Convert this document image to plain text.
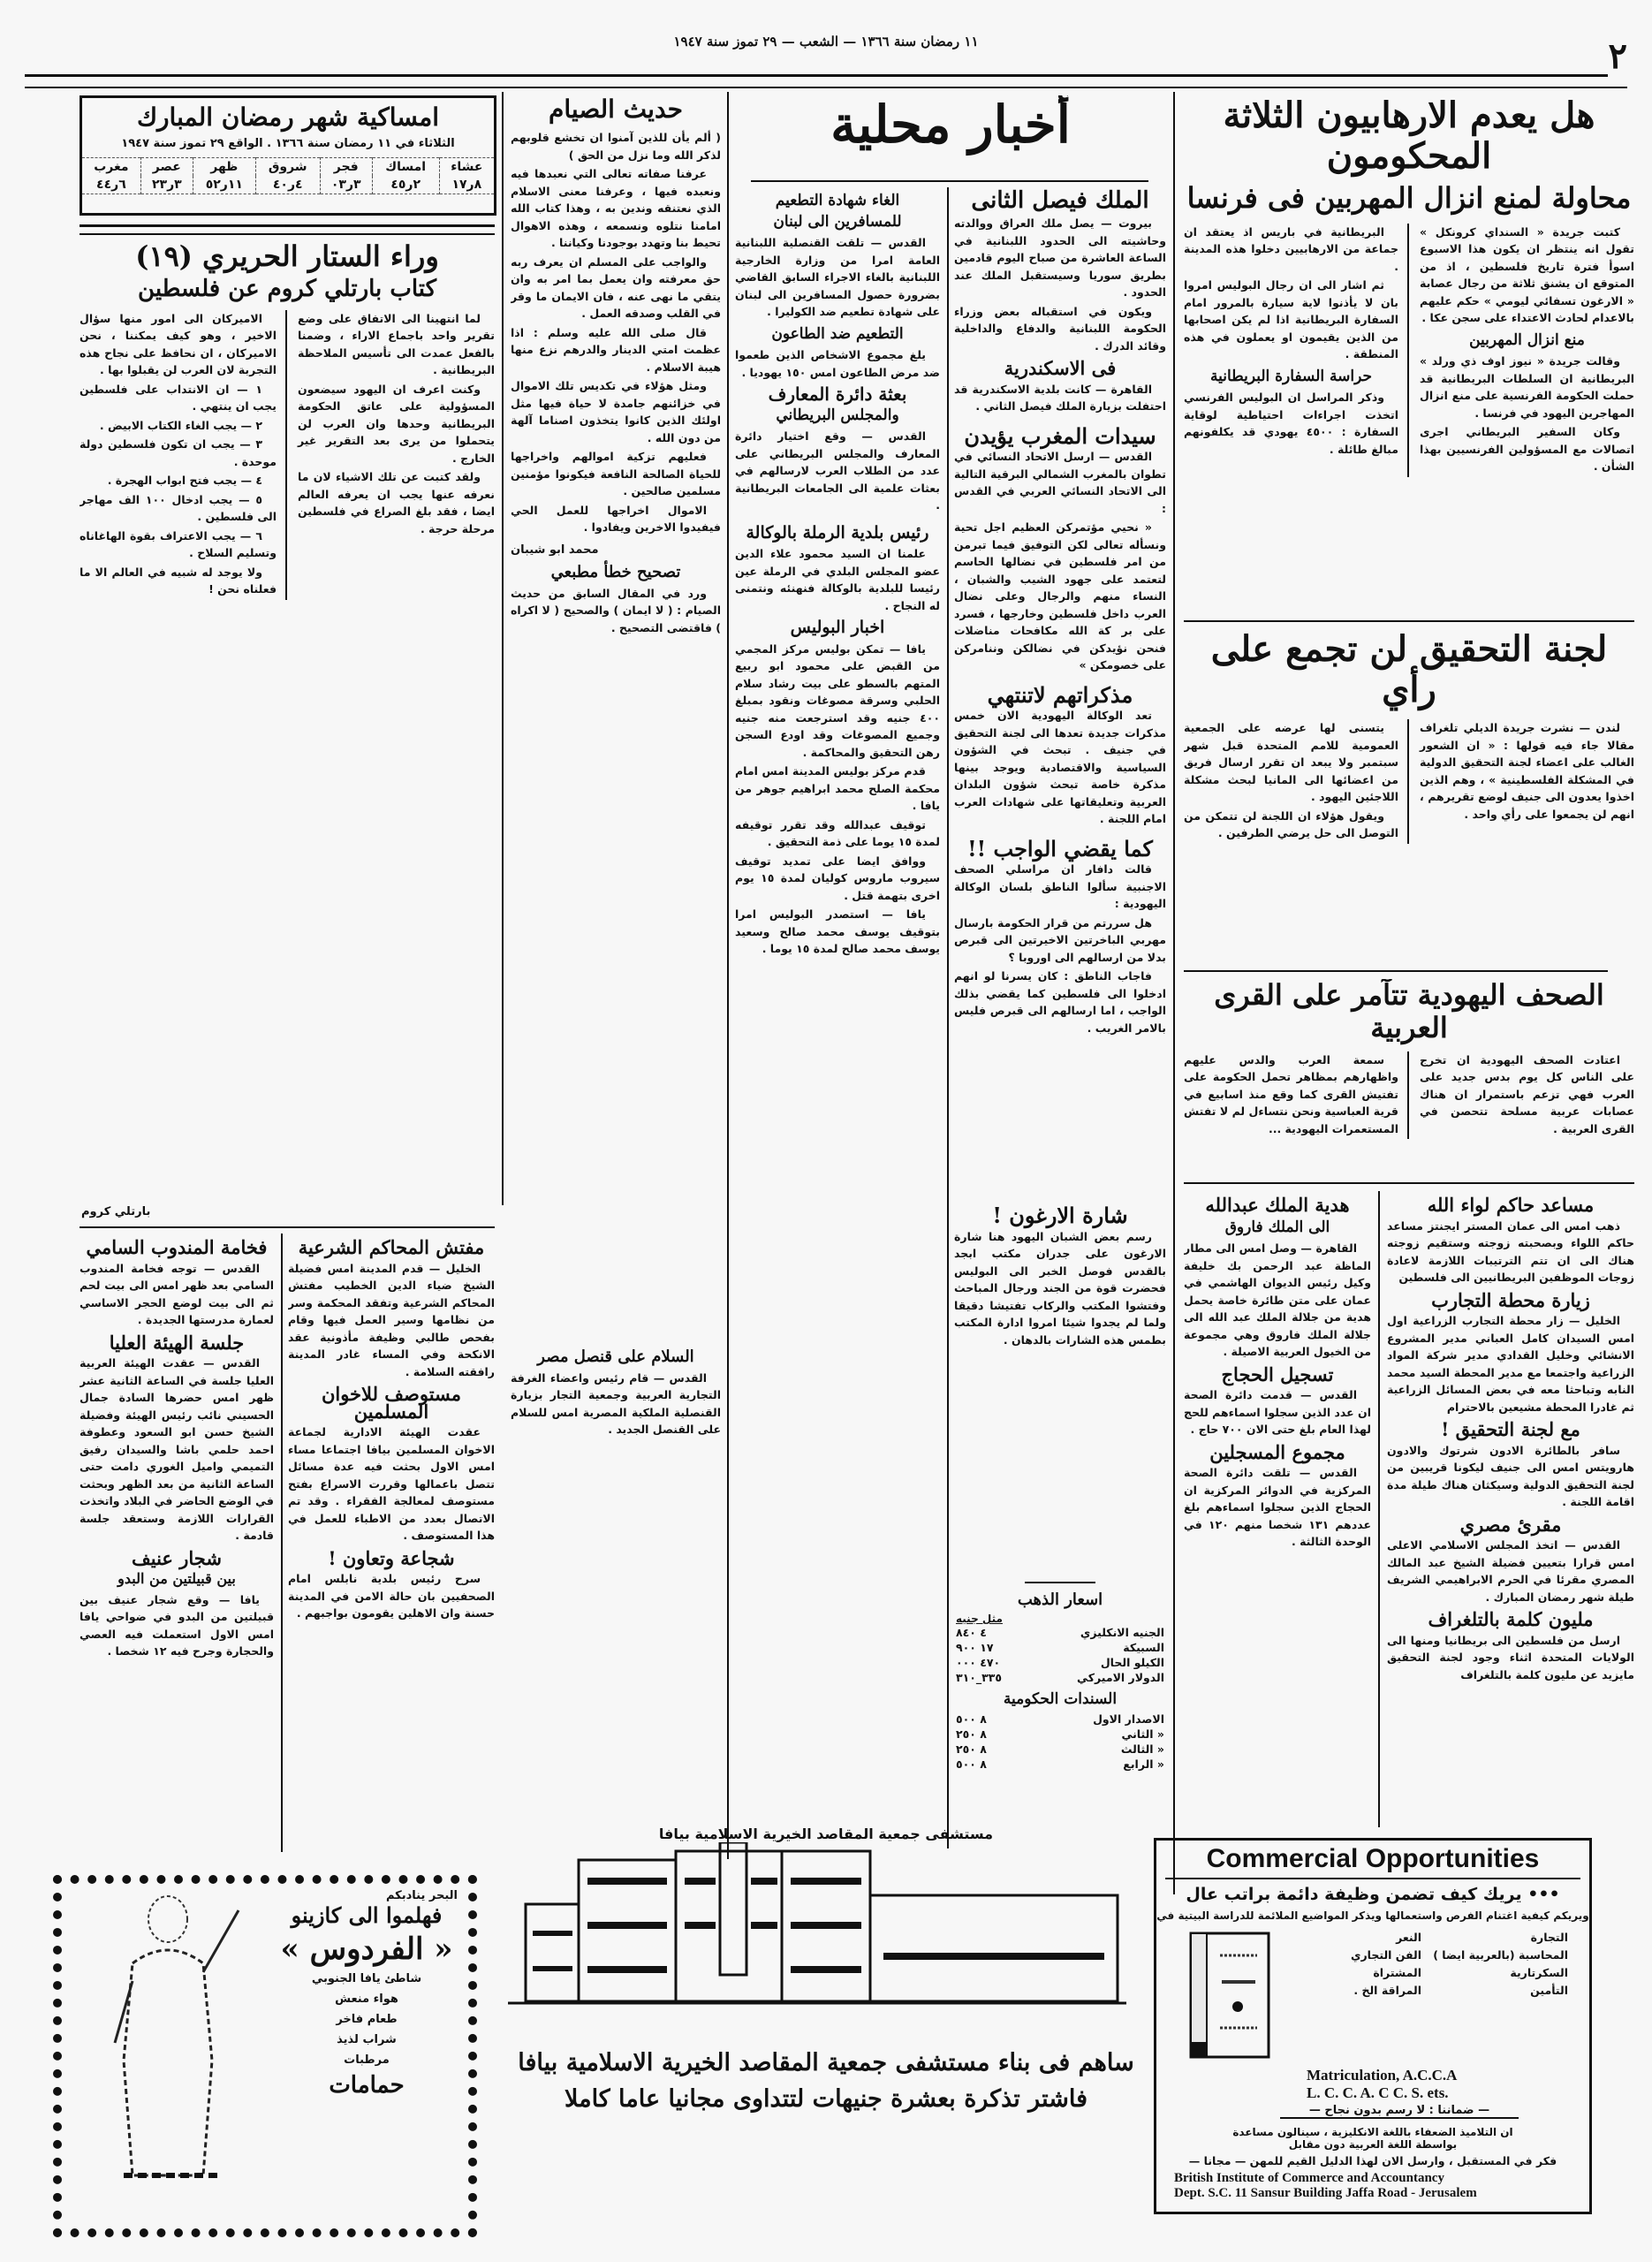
١١ رمضان سنة ١٣٦٦ — الشعب — ٢٩ تموز سنة ١٩٤٧	٢
هل يعدم الارهابيون الثلاثة المحكومون
محاولة لمنع انزال المهربين فى فرنسا

كتبت جريدة « السنداي كرونكل » تقول انه ينتظر ان يكون هذا الاسبوع اسوأ فترة تاريخ فلسطين ، اذ من المتوقع ان يشنق ثلاثة من رجال عصابة « الارغون تسفائي ليومي » حكم عليهم بالاعدام لحادث الاعتداء على سجن عكا .

منع انزال المهربين

وقالت جريدة « نيوز اوف ذي ورلد » البريطانية ان السلطات البريطانية قد حملت الحكومة الفرنسية على منع انزال المهاجرين اليهود في فرنسا .

وكان السفير البريطاني اجرى اتصالات مع المسؤولين الفرنسيين بهذا الشأن .

البريطانية في باريس اذ يعتقد ان جماعة من الارهابيين دخلوا هذه المدينة .

ثم اشار الى ان رجال البوليس امروا بان لا يأذنوا لاية سيارة بالمرور امام السفارة البريطانية اذا لم يكن اصحابها من الذين يقيمون او يعملون في هذه المنطقة .

حراسة السفارة البريطانية

وذكر المراسل ان البوليس الفرنسي اتخذت اجراءات احتياطية لوقاية السفارة : ٤٥٠٠ يهودي قد يكلفونهم مبالغ طائلة .

لجنة التحقيق لن تجمع على رأي

لندن — نشرت جريدة الديلي تلغراف مقالا جاء فيه قولها : « ان الشعور الغالب على اعضاء لجنة التحقيق الدولية في المشكلة الفلسطينية » ، وهم الذين اخذوا يعدون الى جنيف لوضع تقريرهم ، انهم لن يجمعوا على رأي واحد .

يتسنى لها عرضه على الجمعية العمومية للامم المتحدة قبل شهر سبتمبر ولا يبعد ان تقرر ارسال فريق من اعضائها الى المانيا لبحث مشكلة اللاجئين اليهود .

ويقول هؤلاء ان اللجنة لن تتمكن من التوصل الى حل يرضي الطرفين .

الصحف اليهودية تتآمر على القرى العربية

اعتادت الصحف اليهودية ان تخرج على الناس كل يوم بدس جديد على العرب فهي تزعم باستمرار ان هناك عصابات عربية مسلحة تتحصن في القرى العربية .

سمعة العرب والدس عليهم واظهارهم بمظاهر تحمل الحكومة على تفتيش القرى كما وقع منذ اسابيع في قرية العباسية ونحن نتساءل لم لا تفتش المستعمرات اليهودية ...

مساعد حاكم لواء الله

ذهب امس الى عمان المستر ايجنتز مساعد حاكم اللواء وبصحبته زوجته وستقيم زوجته هناك الى ان تتم الترتيبات اللازمة لاعادة زوجات الموظفين البريطانيين الى فلسطين

زيارة محطة التجارب

الخليل — زار محطة التجارب الزراعية اول امس السيدان كامل العباني مدير المشروع الانشائي وخليل القدادي مدير شركة المواد الزراعية واجتمعا مع مدير المحطة السيد محمد النابه وتباحثا معه في بعض المسائل الزراعية ثم غادرا المحطة مشيعين بالاحترام

مع لجنة التحقيق !

سافر بالطائرة الادون شرتوك والادون هارويتس امس الى جنيف ليكونا قريبين من لجنة التحقيق الدولية وسيكثان هناك طيلة مدة اقامة اللجنة .

مقرئ مصري

القدس — اتخذ المجلس الاسلامي الاعلى امس قرارا بتعيين فضيلة الشيخ عبد المالك المصري مقرئا في الحرم الابراهيمي الشريف طيلة شهر رمضان المبارك .

مليون كلمة بالتلغراف

ارسل من فلسطين الى بريطانيا ومنها الى الولايات المتحدة اثناء وجود لجنة التحقيق مايزيد عن مليون كلمة بالتلغراف

هدية الملك عبدالله
الى الملك فاروق

القاهرة — وصل امس الى مطار الماظة عبد الرحمن بك خليفة وكيل رئيس الديوان الهاشمي في عمان على متن طائرة خاصة يحمل هدية من جلالة الملك عبد الله الى جلالة الملك فاروق وهي مجموعة من الخيول العربية الاصيلة .

تسجيل الحجاج

القدس — قدمت دائرة الصحة ان عدد الذين سجلوا اسماءهم للحج لهذا العام بلغ حتى الان ٧٠٠ حاج .

مجموع المسجلين

القدس — تلقت دائرة الصحة المركزية في الدوائر المركزية ان الحجاج الذين سجلوا اسماءهم بلغ عددهم ١٣١ شخصا منهم ١٢٠ في الوحدة الثالثة .

Commercial Opportunities
••• يريك كيف تضمن وظيفة دائمة براتب عال
ويريكم كيفية اغتنام الفرص واستعمالها ويذكر المواضيع الملائمة للدراسة البيتية في
التجارة
المحاسبة (بالعربية ايضا )
السكرتارية
التأمين
النعر
الفن التجاري
المشتراة
المراقة الخ .
Matriculation, A.C.C.A
L. C. C. A. C C. S. ets.
— ضماننا : لا رسم بدون نجاح —
ان التلاميذ الضعفاء باللغة الانكليزية ، سينالون مساعدة
بواسطة اللغة العربية دون مقابل
فكر في المستقبل ، وارسل الان لهذا الدليل القيم للمهن — مجانا —
British Institute of Commerce and Accountancy
Dept. S.C. 11 Sansur Building Jaffa Road - Jerusalem
أخبار محلية
الملك فيصل الثانى

بيروت — يصل ملك العراق ووالدته وحاشيته الى الحدود اللبنانية في الساعة العاشرة من صباح اليوم قادمين بطريق سوريا وسيستقبل الملك عند الحدود .

ويكون في استقباله بعض وزراء الحكومة اللبنانية والدفاع والداخلية وقائد الدرك .

فى الاسكندرية

القاهرة — كانت بلدية الاسكندرية قد احتفلت بزيارة الملك فيصل الثاني .

سيدات المغرب يؤيدن

القدس — ارسل الاتحاد النسائي في تطوان بالمغرب الشمالي البرقية التالية الى الاتحاد النسائي العربي في القدس :

« نحيي مؤتمركن العظيم اجل تحية ونسأله تعالى لكن التوفيق فيما تبرمن من امر فلسطين في نضالها الحاسم لتعتمد على جهود الشيب والشبان ، النساء منهم والرجال وعلى نضال العرب داخل فلسطين وخارجها ، فسرد على بر كة الله مكافحات مناضلات فنحن نؤيدكن في نضالكن وننامركن على خصومكن »

مذكراتهم لاتنتهي

تعد الوكالة اليهودية الان خمس مذكرات جديدة تعدها الى لجنة التحقيق في جنيف . تبحث في الشؤون السياسية والاقتصادية ويوجد بينها مذكرة خاصة تبحث شؤون البلدان العربية وتعليقاتها على شهادات العرب امام اللجنة .

كما يقضي الواجب !!

قالت دافار ان مراسلي الصحف الاجنبية سألوا الناطق بلسان الوكالة اليهودية :

هل سررتم من قرار الحكومة بارسال مهربي الباخرتين الاخيرتين الى قبرص بدلا من ارسالهم الى اوروبا ؟

فاجاب الناطق : كان يسرنا لو انهم ادخلوا الى فلسطين كما يقضي بذلك الواجب ، اما ارسالهم الى قبرص فليس بالامر الغريب .

شارة الارغون !

رسم بعض الشبان اليهود هنا شارة الارغون على جدران مكتب ابجد بالقدس فوصل الخبر الى البوليس فحضرت قوة من الجند ورجال المباحث وفتشوا المكتب والركاب تفتيشا دقيقا ولما لم يجدوا شيئا امروا ادارة المكتب بطمس هذه الشارات بالدهان .

اسعار الذهب
مثل جنيه
الجنيه الانكليزي	٤ ٨٤٠
السبيكة	١٧ ٩٠٠
الكيلو الحال	٤٧٠ ٠٠٠
الدولار الاميركي	٣٣٥_٣١٠
السندات الحكومية
الاصدار الاول	٨ ٥٠٠
« الثاني	٨ ٢٥٠
« الثالث	٨ ٢٥٠
« الرابع	٨ ٥٠٠
الغاء شهادة التطعيم
للمسافرين الى لبنان

القدس — تلقت القنصلية اللبنانية العامة امرا من وزارة الخارجية اللبنانية بالغاء الاجراء السابق القاضي بضرورة حصول المسافرين الى لبنان على شهادة تطعيم ضد الكوليرا .

التطعيم ضد الطاعون

يلغ مجموع الاشخاص الذين طعموا ضد مرض الطاعون امس ١٥٠ يهوديا .

بعثة دائرة المعارف
والمجلس البريطاني

القدس — وقع اختيار دائرة المعارف والمجلس البريطاني على عدد من الطلاب العرب لارسالهم في بعثات علمية الى الجامعات البريطانية .

رئيس بلدية الرملة بالوكالة

علمنا ان السيد محمود علاء الدين عضو المجلس البلدي في الرملة عين رئيسا للبلدية بالوكالة فنهنئه ونتمنى له النجاح .

اخبار البوليس

يافا — تمكن بوليس مركز المجمي من القبض على محمود ابو ربيع المتهم بالسطو على بيت رشاد سلام الحلبي وسرقة مصوغات ونقود بمبلغ ٤٠٠ جنيه وقد استرجعت منه جنيه وجميع المصوغات وقد اودع السجن رهن التحقيق والمحاكمة .

قدم مركز بوليس المدينة امس امام محكمة الصلح محمد ابراهيم جوهر من يافا .

توقيف عبدالله وقد تقرر توقيفه لمدة ١٥ يوما على ذمة التحقيق .

ووافق ايضا على تمديد توقيف سيروب ماروس كوليان لمدة ١٥ يوم اخرى بتهمة قتل .

يافا — استصدر البوليس امرا بتوقيف يوسف محمد صالح وسعيد يوسف محمد صالح لمدة ١٥ يوما .

حديث الصيام

( ألم يأن للذين آمنوا ان تخشع قلوبهم لذكر الله وما نزل من الحق )

عرفنا صفاته تعالى التي نعبدها فيه ونعبده فيها ، وعرفنا معنى الاسلام الذي نعتنقه وندين به ، وهذا كتاب الله امامنا نتلوه ونسمعه ، وهذه الاهوال تحيط بنا وتهدد بوجودنا وكياننا .

والواجب على المسلم ان يعرف ربه حق معرفته وان يعمل بما امر به وان يتقي ما نهى عنه ، فان الايمان ما وقر في القلب وصدقه العمل .

قال صلى الله عليه وسلم : اذا عظمت امتي الدينار والدرهم نزع منها هيبة الاسلام .

ومثل هؤلاء في تكديس تلك الاموال في خزائنهم جامدة لا حياة فيها مثل اولئك الذين كانوا يتخذون اصناما آلهة من دون الله .

فعليهم تزكية اموالهم واخراجها للحياة الصالحة النافعة فيكونوا مؤمنين مسلمين صالحين .

الاموال اخراجها للعمل الحي فيفيدوا الاخرين ويفادوا .

محمد ابو شيبان
تصحيح خطأ مطبعي

ورد في المقال السابق من حديث الصيام : ( لا ايمان ) والصحيح ( لا اكراه ) فاقتضى التصحيح .

السلام على قنصل مصر

القدس — قام رئيس واعضاء الغرفة التجارية العربية وجمعية التجار بزيارة القنصلية الملكية المصرية امس للسلام على القنصل الجديد .

امساكية شهر رمضان المبارك
الثلاثاء في ١١ رمضان سنة ١٣٦٦ . الواقع ٢٩ تموز سنة ١٩٤٧
عشاء	امساك	فجر	شروق	ظهر	عصر	مغرب
٨ر١٧	٢ر٤٥	٣ر٠٣	٤ر٤٠	١١ر٥٢	٣ر٢٣	٦ر٤٤
وراء الستار الحريري (١٩)
كتاب بارتلي كروم عن فلسطين

لما انتهينا الى الاتفاق على وضع تقرير واحد باجماع الاراء ، وضمنا بالفعل عمدت الى تأسيس الملاحظة البريطانية .

وكنت اعرف ان اليهود سيضعون المسؤولية على عاتق الحكومة البريطانية وحدها وان العرب لن يتحملوا من يرى بعد التقرير غير الخارج .

ولقد كتبت عن تلك الاشياء لان ما نعرفه عنها يجب ان يعرفه العالم ايضا ، فقد بلغ الصراع في فلسطين مرحلة حرجة .

الاميركان الى امور منها سؤال الاخير ، وهو كيف يمكننا ، نحن الاميركان ، ان نحافظ على نجاح هذه التجربة لان العرب لن يقبلوا بها .

١ — ان الانتداب على فلسطين يجب ان ينتهي .

٢ — يجب الغاء الكتاب الابيض .

٣ — يجب ان تكون فلسطين دولة موحدة .

٤ — يجب فتح ابواب الهجرة .

٥ — يجب ادخال ١٠٠ الف مهاجر الى فلسطين .

٦ — يجب الاعتراف بقوة الهاغاناه وتسليم السلاح .

ولا يوجد له شبيه في العالم الا ما فعلناه نحن !

بارتلي كروم
فخامة المندوب السامي

القدس — توجه فخامة المندوب السامي بعد ظهر امس الى بيت لحم ثم الى بيت لوضع الحجر الاساسي لعمارة مدرستها الجديدة .

جلسة الهيئة العليا

القدس — عقدت الهيئة العربية العليا جلسة في الساعة الثانية عشر ظهر امس حضرها السادة جمال الحسيني نائب رئيس الهيئة وفضيلة الشيخ حسن ابو السعود وعطوفة احمد حلمي باشا والسيدان رفيق التميمي واميل الغوري دامت حتى الساعة الثانية من بعد الظهر وبحثت في الوضع الحاضر في البلاد واتخذت القرارات اللازمة وستعقد جلسة قادمة .

شجار عنيف
بين قبيلتين من البدو

يافا — وقع شجار عنيف بين قبيلتين من البدو في ضواحي يافا امس الاول استعملت فيه العصي والحجارة وجرح فيه ١٢ شخصا .

مفتش المحاكم الشرعية

الخليل — قدم المدينة امس فضيلة الشيخ ضياء الدين الخطيب مفتش المحاكم الشرعية وتفقد المحكمة وسر من نظامها وسير العمل فيها وقام بفحص طالبي وظيفة مأذونية عقد الانكحة وفي المساء غادر المدينة رافقته السلامة .

مستوصف للاخوان المسلمين

عقدت الهيئة الادارية لجماعة الاخوان المسلمين بيافا اجتماعا مساء امس الاول بحثت فيه عدة مسائل تتصل باعمالها وقررت الاسراع بفتح مستوصف لمعالجة الفقراء . وقد تم الاتصال بعدد من الاطباء للعمل في هذا المستوصف .

شجاعة وتعاون !

سرح رئيس بلدية نابلس امام الصحفيين بان حالة الامن في المدينة حسنة وان الاهلين يقومون بواجبهم .

البحر ينادبكم
فهلموا الى كازينو
« الفردوس »
شاطئ يافا الجنوبي
هواء منعش
طعام فاخر
شراب لذيذ
مرطبات
حمامات
مستشفى جمعية المقاصد الخيرية الاسلامية بيافا
ساهم فى بناء مستشفى جمعية المقاصد الخيرية الاسلامية بيافا
فاشتر تذكرة بعشرة جنيهات لتتداوى مجانيا عاما كاملا
